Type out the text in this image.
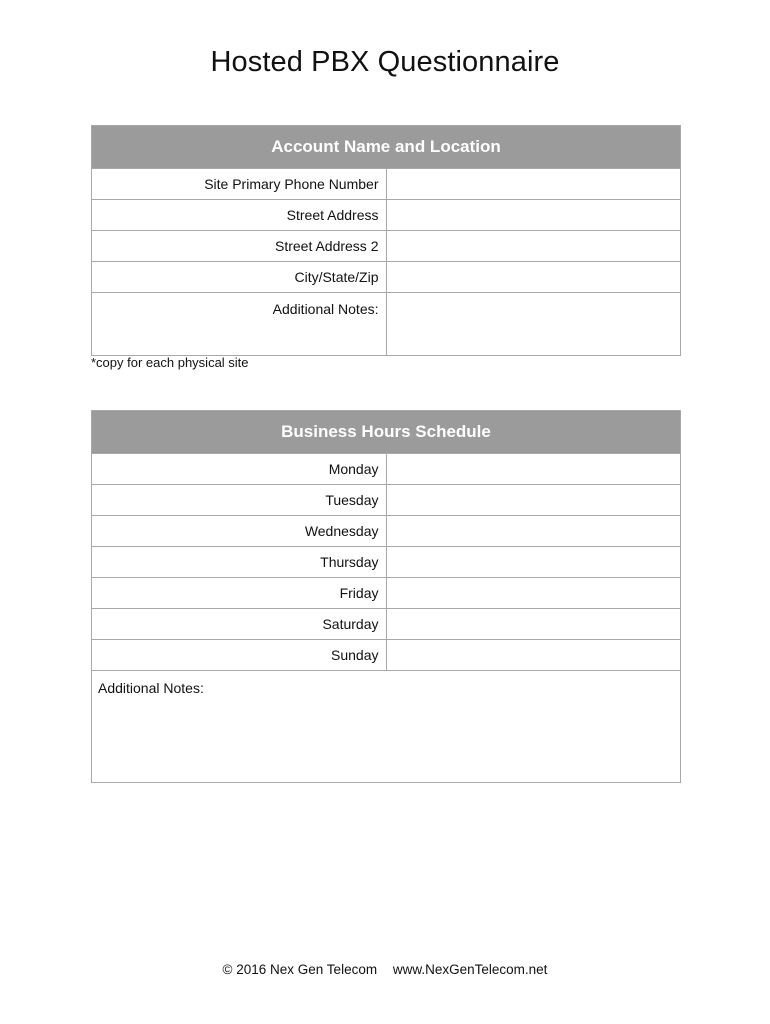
Hosted PBX Questionnaire
Account Name and Location	
Site Primary Phone Number	
Street Address	
Street Address 2	
City/State/Zip	
Additional Notes:	
*copy for each physical site
Business Hours Schedule	
Monday	
Tuesday	
Wednesday	
Thursday	
Friday	
Saturday	
Sunday	
Additional Notes:	
© 2016 Nex Gen Telecom www.NexGenTelecom.net
